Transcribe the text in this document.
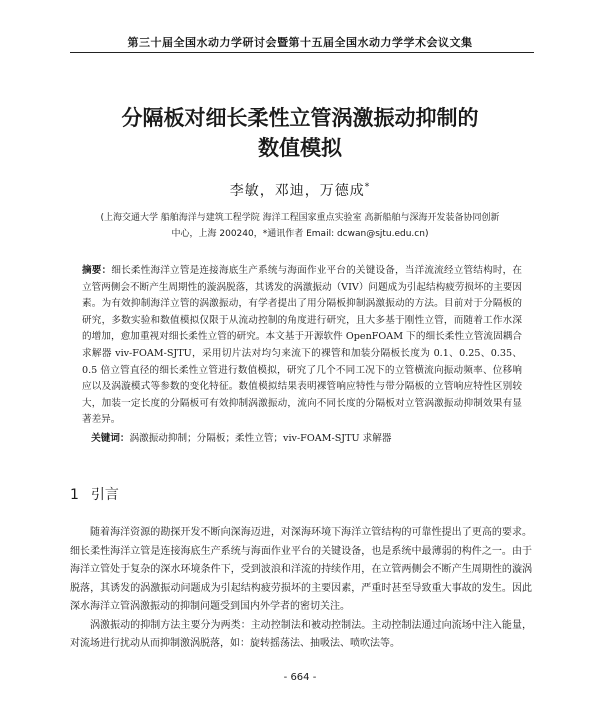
第三十届全国水动力学研讨会暨第十五届全国水动力学学术会议文集
分隔板对细长柔性立管涡激振动抑制的
数值模拟
李敏，邓迪，万德成*
(上海交通大学 船舶海洋与建筑工程学院 海洋工程国家重点实验室 高新船舶与深海开发装备协同创新
中心，上海 200240，*通讯作者 Email: dcwan@sjtu.edu.cn)
摘要：细长柔性海洋立管是连接海底生产系统与海面作业平台的关键设备，当洋流流经立管结构时，在立管两侧会不断产生周期性的漩涡脱落，其诱发的涡激振动（VIV）问题成为引起结构疲劳损坏的主要因素。为有效抑制海洋立管的涡激振动，有学者提出了用分隔板抑制涡激振动的方法。目前对于分隔板的研究，多数实验和数值模拟仅限于从流动控制的角度进行研究，且大多基于刚性立管，而随着工作水深的增加，愈加重视对细长柔性立管的研究。本文基于开源软件 OpenFOAM 下的细长柔性立管流固耦合求解器 viv-FOAM-SJTU，采用切片法对均匀来流下的裸管和加装分隔板长度为 0.1、0.25、0.35、0.5 倍立管直径的细长柔性立管进行数值模拟，研究了几个不同工况下的立管横流向振动频率、位移响应以及涡漩模式等参数的变化特征。数值模拟结果表明裸管响应特性与带分隔板的立管响应特性区别较大，加装一定长度的分隔板可有效抑制涡激振动，流向不同长度的分隔板对立管涡激振动抑制效果有显著差异。
关键词：涡激振动抑制；分隔板；柔性立管；viv-FOAM-SJTU 求解器
1 引言

随着海洋资源的勘探开发不断向深海迈进，对深海环境下海洋立管结构的可靠性提出了更高的要求。细长柔性海洋立管是连接海底生产系统与海面作业平台的关键设备，也是系统中最薄弱的构件之一。由于海洋立管处于复杂的深水环境条件下，受到波浪和洋流的持续作用，在立管两侧会不断产生周期性的漩涡脱落，其诱发的涡激振动问题成为引起结构疲劳损坏的主要因素，严重时甚至导致重大事故的发生。因此深水海洋立管涡激振动的抑制问题受到国内外学者的密切关注。

涡激振动的抑制方法主要分为两类：主动控制法和被动控制法。主动控制法通过向流场中注入能量，对流场进行扰动从而抑制激涡脱落，如：旋转摇荡法、抽吸法、喷吹法等。

- 664 -
